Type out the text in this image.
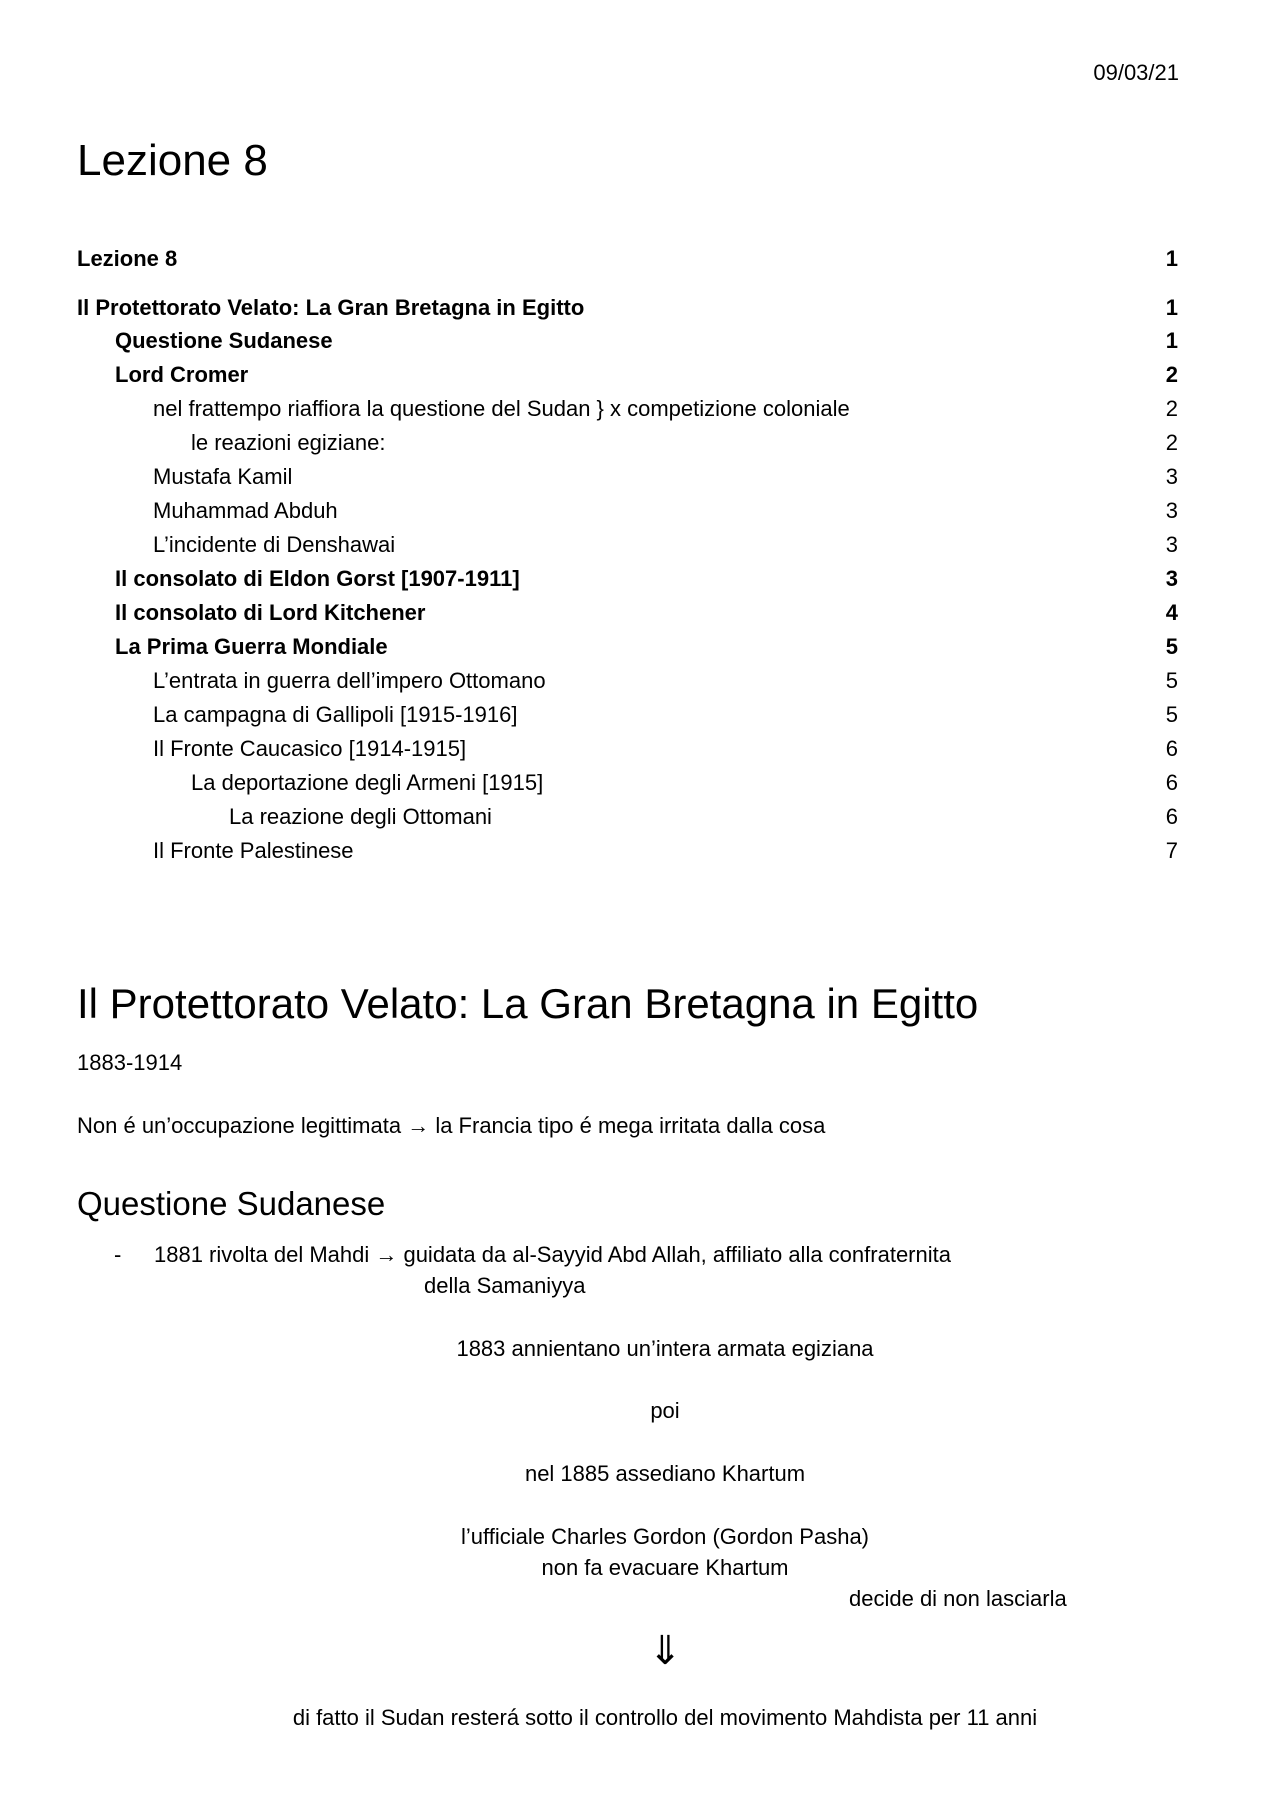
09/03/21
Lezione 8
Lezione 8	1
Il Protettorato Velato: La Gran Bretagna in Egitto	1
Questione Sudanese	1
Lord Cromer	2
nel frattempo riaffiora la questione del Sudan } x competizione coloniale	2
le reazioni egiziane:	2
Mustafa Kamil	3
Muhammad Abduh	3
L’incidente di Denshawai	3
Il consolato di Eldon Gorst [1907-1911]	3
Il consolato di Lord Kitchener	4
La Prima Guerra Mondiale	5
L’entrata in guerra dell’impero Ottomano	5
La campagna di Gallipoli [1915-1916]	5
Il Fronte Caucasico [1914-1915]	6
La deportazione degli Armeni [1915]	6
La reazione degli Ottomani	6
Il Fronte Palestinese	7
Il Protettorato Velato: La Gran Bretagna in Egitto
1883-1914
Non é un’occupazione legittimata → la Francia tipo é mega irritata dalla cosa
Questione Sudanese
- 1881 rivolta del Mahdi → guidata da al-Sayyid Abd Allah, affiliato alla confraternita
della Samaniyya
1883 annientano un’intera armata egiziana
poi
nel 1885 assediano Khartum
l’ufficiale Charles Gordon (Gordon Pasha)
non fa evacuare Khartum
decide di non lasciarla
⇓
di fatto il Sudan resterá sotto il controllo del movimento Mahdista per 11 anni
